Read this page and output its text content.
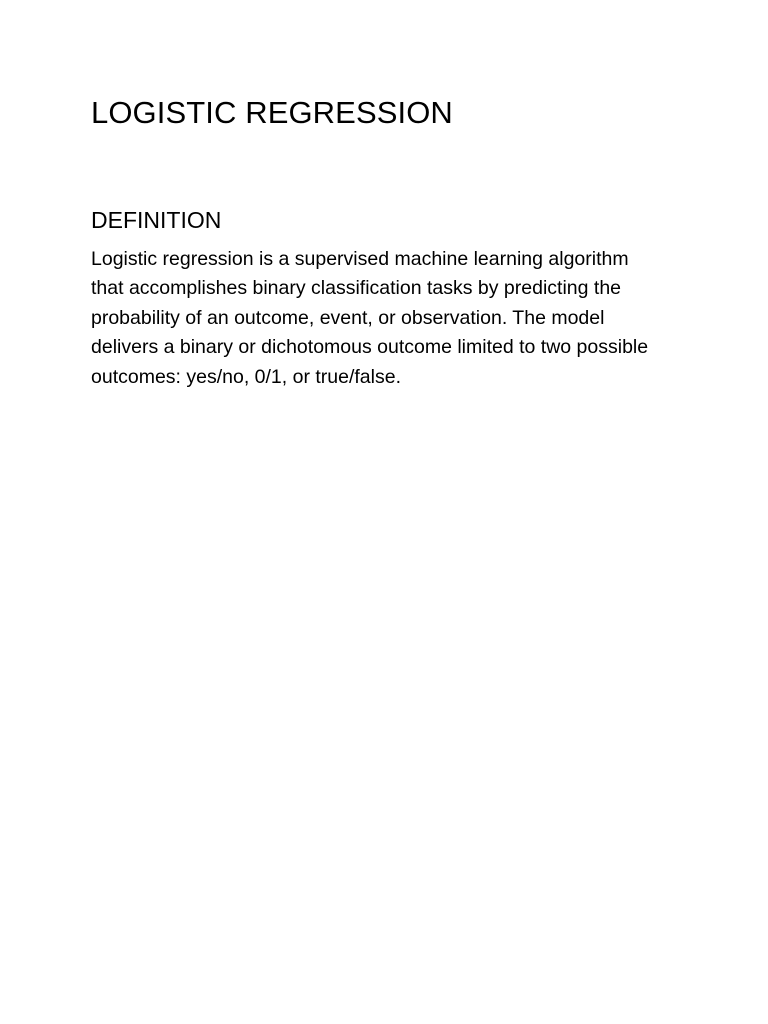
LOGISTIC REGRESSION
DEFINITION

Logistic regression is a supervised machine learning algorithm that accomplishes binary classification tasks by predicting the probability of an outcome, event, or observation. The model delivers a binary or dichotomous outcome limited to two possible outcomes: yes/no, 0/1, or true/false.
